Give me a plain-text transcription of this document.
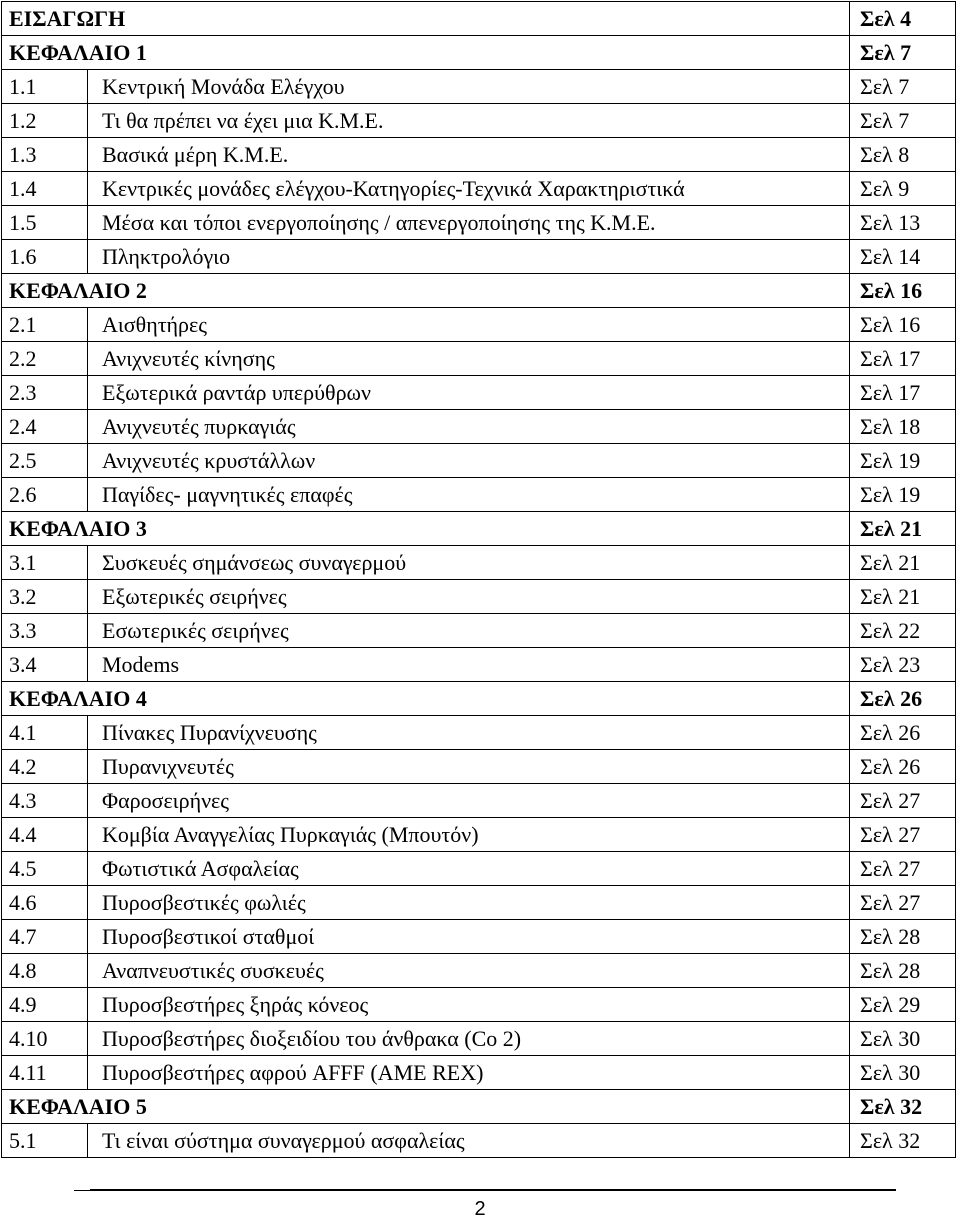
ΕΙΣΑΓΩΓΗ		Σελ 4
ΚΕΦΑΛΑΙΟ 1		Σελ 7
1.1	Κεντρική Μονάδα Ελέγχου	Σελ 7
1.2	Τι θα πρέπει να έχει μια Κ.Μ.Ε.	Σελ 7
1.3	Βασικά μέρη Κ.Μ.Ε.	Σελ 8
1.4	Κεντρικές μονάδες ελέγχου-Κατηγορίες-Τεχνικά Χαρακτηριστικά	Σελ 9
1.5	Μέσα και τόποι ενεργοποίησης / απενεργοποίησης της Κ.Μ.Ε.	Σελ 13
1.6	Πληκτρολόγιο	Σελ 14
ΚΕΦΑΛΑΙΟ 2		Σελ 16
2.1	Αισθητήρες	Σελ 16
2.2	Ανιχνευτές κίνησης	Σελ 17
2.3	Εξωτερικά ραντάρ υπερύθρων	Σελ 17
2.4	Ανιχνευτές πυρκαγιάς	Σελ 18
2.5	Ανιχνευτές κρυστάλλων	Σελ 19
2.6	Παγίδες- μαγνητικές επαφές	Σελ 19
ΚΕΦΑΛΑΙΟ 3		Σελ 21
3.1	Συσκευές σημάνσεως συναγερμού	Σελ 21
3.2	Εξωτερικές σειρήνες	Σελ 21
3.3	Εσωτερικές σειρήνες	Σελ 22
3.4	Modems	Σελ 23
ΚΕΦΑΛΑΙΟ 4		Σελ 26
4.1	Πίνακες Πυρανίχνευσης	Σελ 26
4.2	Πυρανιχνευτές	Σελ 26
4.3	Φαροσειρήνες	Σελ 27
4.4	Κομβία Αναγγελίας Πυρκαγιάς (Μπουτόν)	Σελ 27
4.5	Φωτιστικά Ασφαλείας	Σελ 27
4.6	Πυροσβεστικές φωλιές	Σελ 27
4.7	Πυροσβεστικοί σταθμοί	Σελ 28
4.8	Αναπνευστικές συσκευές	Σελ 28
4.9	Πυροσβεστήρες ξηράς κόνεος	Σελ 29
4.10	Πυροσβεστήρες διοξειδίου του άνθρακα (Co 2)	Σελ 30
4.11	Πυροσβεστήρες αφρού AFFF (AME REX)	Σελ 30
ΚΕΦΑΛΑΙΟ 5		Σελ 32
5.1	Τι είναι σύστημα συναγερμού ασφαλείας	Σελ 32
2
